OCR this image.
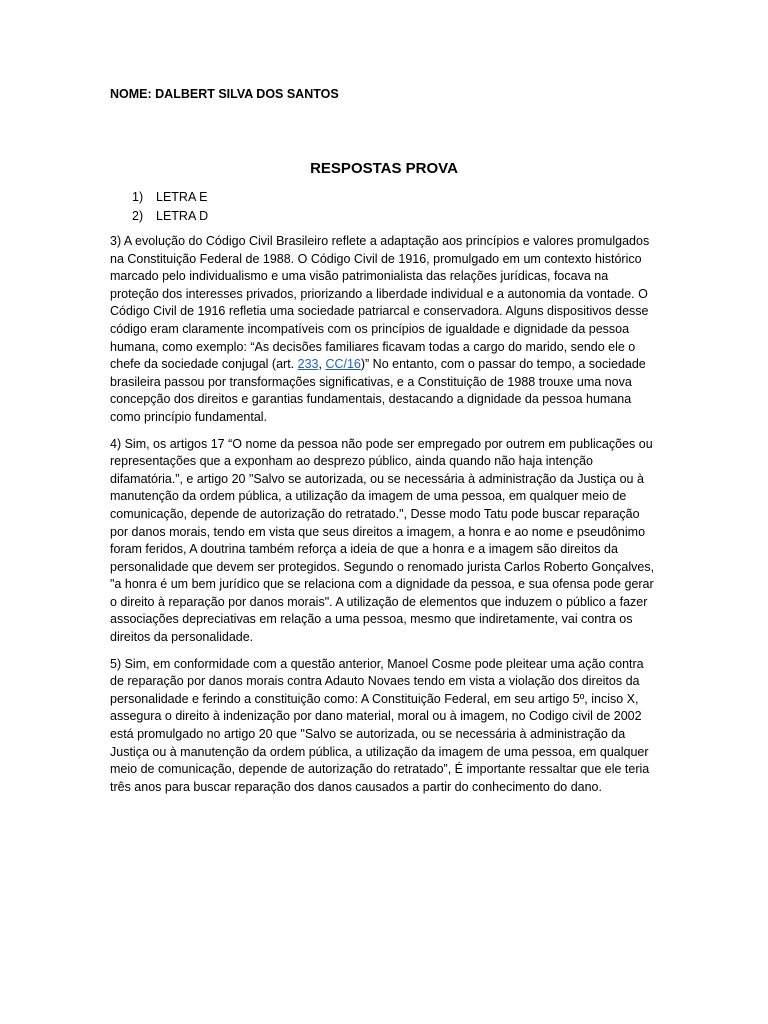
NOME: DALBERT SILVA DOS SANTOS

RESPOSTAS PROVA
1) LETRA E
2) LETRA D

3) A evolução do Código Civil Brasileiro reflete a adaptação aos princípios e valores promulgados na Constituição Federal de 1988. O Código Civil de 1916, promulgado em um contexto histórico marcado pelo individualismo e uma visão patrimonialista das relações jurídicas, focava na proteção dos interesses privados, priorizando a liberdade individual e a autonomia da vontade. O Código Civil de 1916 refletia uma sociedade patriarcal e conservadora. Alguns dispositivos desse código eram claramente incompatíveis com os princípios de igualdade e dignidade da pessoa humana, como exemplo: “As decisões familiares ficavam todas a cargo do marido, sendo ele o chefe da sociedade conjugal (art. 233, CC/16)” No entanto, com o passar do tempo, a sociedade brasileira passou por transformações significativas, e a Constituição de 1988 trouxe uma nova concepção dos direitos e garantias fundamentais, destacando a dignidade da pessoa humana como princípio fundamental.

4) Sim, os artigos 17 “O nome da pessoa não pode ser empregado por outrem em publicações ou representações que a exponham ao desprezo público, ainda quando não haja intenção difamatória.”, e artigo 20 "Salvo se autorizada, ou se necessária à administração da Justiça ou à manutenção da ordem pública, a utilização da imagem de uma pessoa, em qualquer meio de comunicação, depende de autorização do retratado.", Desse modo Tatu pode buscar reparação por danos morais, tendo em vista que seus direitos a imagem, a honra e ao nome e pseudônimo foram feridos, A doutrina também reforça a ideia de que a honra e a imagem são direitos da personalidade que devem ser protegidos. Segundo o renomado jurista Carlos Roberto Gonçalves, "a honra é um bem jurídico que se relaciona com a dignidade da pessoa, e sua ofensa pode gerar o direito à reparação por danos morais". A utilização de elementos que induzem o público a fazer associações depreciativas em relação a uma pessoa, mesmo que indiretamente, vai contra os direitos da personalidade.

5) Sim, em conformidade com a questão anterior, Manoel Cosme pode pleitear uma ação contra de reparação por danos morais contra Adauto Novaes tendo em vista a violação dos direitos da personalidade e ferindo a constituição como: A Constituição Federal, em seu artigo 5º, inciso X, assegura o direito à indenização por dano material, moral ou à imagem, no Codigo civil de 2002 está promulgado no artigo 20 que "Salvo se autorizada, ou se necessária à administração da Justiça ou à manutenção da ordem pública, a utilização da imagem de uma pessoa, em qualquer meio de comunicação, depende de autorização do retratado”, É importante ressaltar que ele teria três anos para buscar reparação dos danos causados a partir do conhecimento do dano.
